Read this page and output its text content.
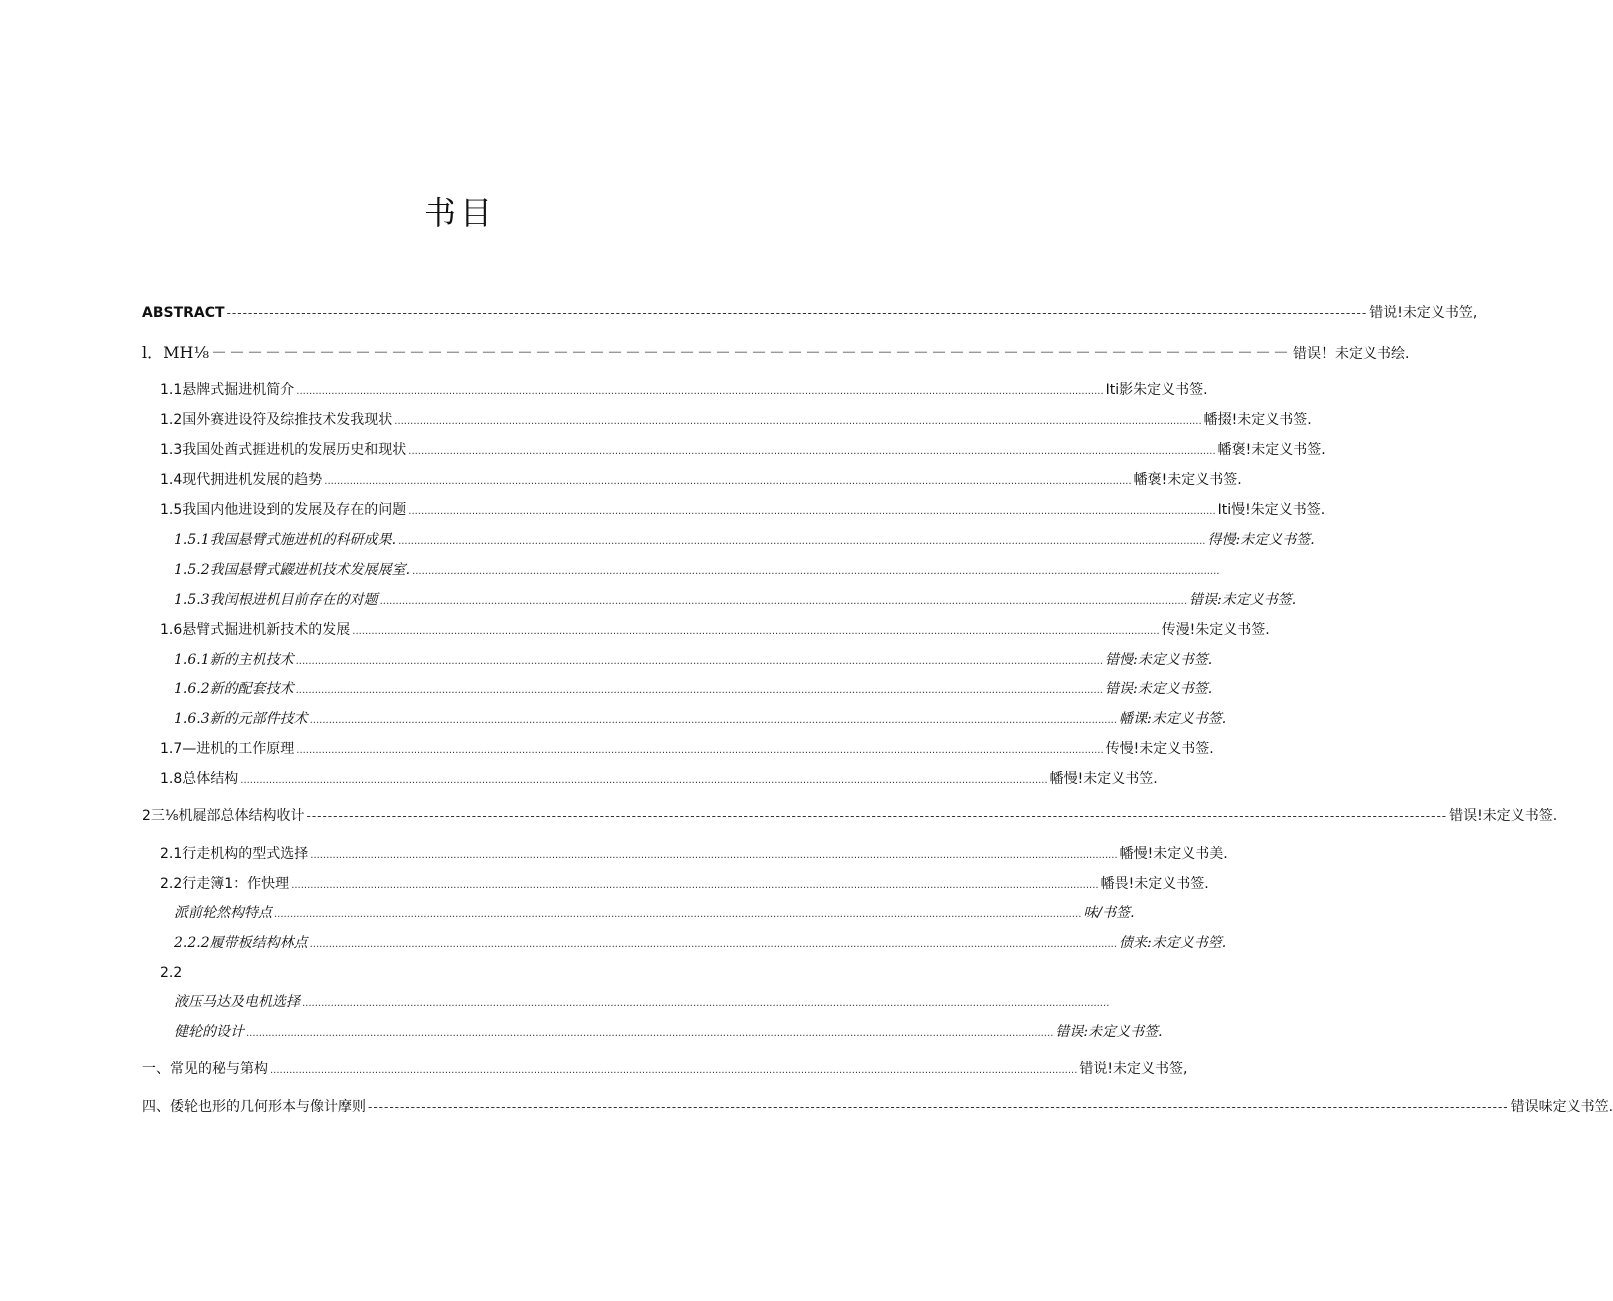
书目
ABSTRACT ---------------------------------------------------------------------------------------------------------------------------------------------------------------------------------------------------------------------- 错说!未定义书笠,
l．MH⅛ －－－－－－－－－－－－－－－－－－－－－－－－－－－－－－－－－－－－－－－－－－－－－－－－－－－－－－－－－－－－ 错误！未定义书绘.
1.1 悬牌式掘进机简介 .............................................................................................................................................................................................................................................................. Iti影朱定义书签.
1.2 国外赛进设符及综推技术发我现状 .............................................................................................................................................................................................................................................................. 幡掇!未定义书签.
1.3 我国处酋式捱进机的发展历史和现状 .............................................................................................................................................................................................................................................................. 幡褒!未定义书签.
1.4 现代拥进机发展的趋势 .............................................................................................................................................................................................................................................................. 幡褒!未定义书签.
1.5 我国内他进设到的发展及存在的问题 .............................................................................................................................................................................................................................................................. Iti慢!朱定义书签.
1.5.1 我国悬臂式施进机的科研成果. .............................................................................................................................................................................................................................................................. 得慢:未定义书签.
1.5.2 我国悬臂式鼹进机技术发展展室. ..............................................................................................................................................................................................................................................................
1.5.3 我闰根进机目前存在的对题 .............................................................................................................................................................................................................................................................. 错误:未定义书签.
1.6 悬臂式掘进机新技术的发展 .............................................................................................................................................................................................................................................................. 传漫!朱定义书签.
1.6.1 新的主机技术 .............................................................................................................................................................................................................................................................. 错慢:未定义书签.
1.6.2 新的配套技术 .............................................................................................................................................................................................................................................................. 错误:未定义书签.
1.6.3 新的元部件技术 .............................................................................................................................................................................................................................................................. 幡课:未定义书签.
1.7 —进机的工作原理 .............................................................................................................................................................................................................................................................. 传慢!未定义书签.
1.8 总体结构 .............................................................................................................................................................................................................................................................. 幡慢!未定义书笠.
2三⅛机屣部总体结构收计 ---------------------------------------------------------------------------------------------------------------------------------------------------------------------------------------------------------------------- 错误!未定义书签.
2.1 行走机构的型式选择 .............................................................................................................................................................................................................................................................. 幡慢!未定义书美.
2.2 行走簿1：作快理 .............................................................................................................................................................................................................................................................. 幡畏!未定义书签.
派前轮然构特点 .............................................................................................................................................................................................................................................................. 味/书签.
2. 2.2履带板结构林点 .............................................................................................................................................................................................................................................................. 债来:未定义书箜.
2.2
液压马达及电机选择 ..............................................................................................................................................................................................................................................................
健轮的设计 .............................................................................................................................................................................................................................................................. 错误:未定义书签.
一、常见的秘与第构 .............................................................................................................................................................................................................................................................. 错说!未定义书签,
四、倭轮也形的几何形本与像计摩则 ---------------------------------------------------------------------------------------------------------------------------------------------------------------------------------------------------------------------- 错误味定义书笠.
